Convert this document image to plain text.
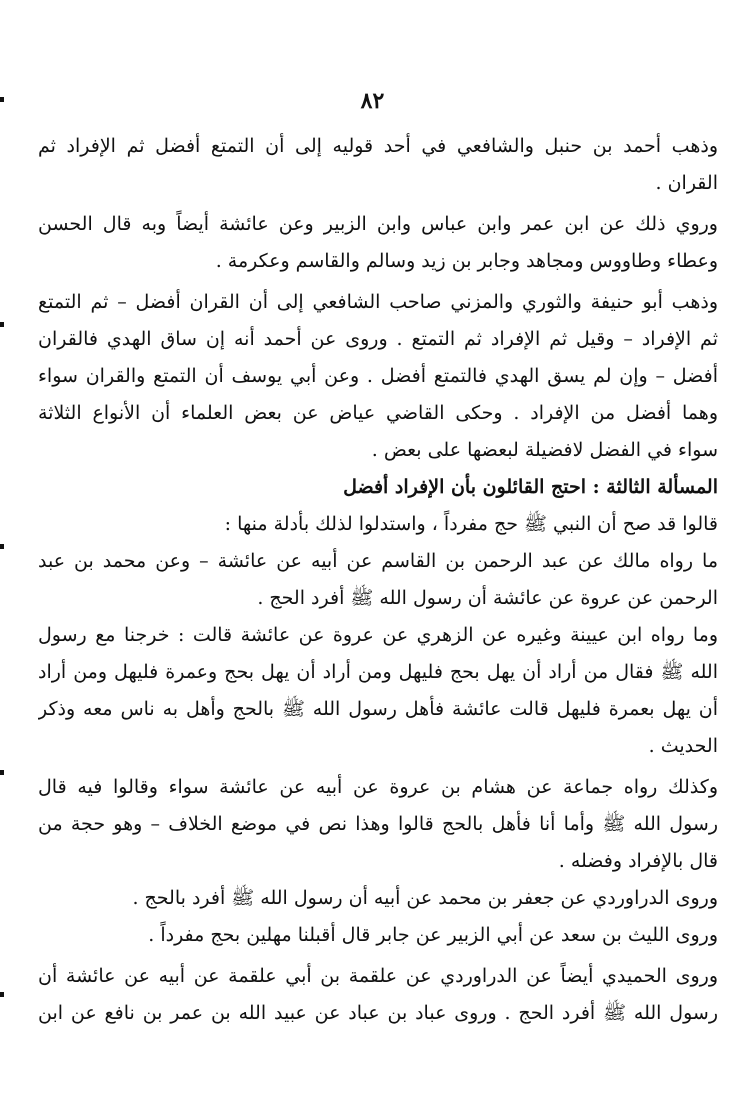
٨٢
وذهب أحمد بن حنبل والشافعي في أحد قوليه إلى أن التمتع أفضل ثم الإفراد ثم
القران .
وروي ذلك عن ابن عمر وابن عباس وابن الزبير وعن عائشة أيضاً وبه قال الحسن
وعطاء وطاووس ومجاهد وجابر بن زيد وسالم والقاسم وعكرمة .
وذهب أبو حنيفة والثوري والمزني صاحب الشافعي إلى أن القران أفضل – ثم التمتع
ثم الإفراد – وقيل ثم الإفراد ثم التمتع . وروى عن أحمد أنه إن ساق الهدي فالقران
أفضل – وإن لم يسق الهدي فالتمتع أفضل . وعن أبي يوسف أن التمتع والقران سواء
وهما أفضل من الإفراد . وحكى القاضي عياض عن بعض العلماء أن الأنواع الثلاثة
سواء في الفضل لافضيلة لبعضها على بعض .
المسألة الثالثة : احتج القائلون بأن الإفراد أفضل
قالوا قد صح أن النبي ﷺ حج مفرداً ، واستدلوا لذلك بأدلة منها :
ما رواه مالك عن عبد الرحمن بن القاسم عن أبيه عن عائشة – وعن محمد بن عبد
الرحمن عن عروة عن عائشة أن رسول الله ﷺ أفرد الحج .
وما رواه ابن عيينة وغيره عن الزهري عن عروة عن عائشة قالت : خرجنا مع رسول
الله ﷺ فقال من أراد أن يهل بحج فليهل ومن أراد أن يهل بحج وعمرة فليهل ومن أراد
أن يهل بعمرة فليهل قالت عائشة فأهل رسول الله ﷺ بالحج وأهل به ناس معه وذكر
الحديث .
وكذلك رواه جماعة عن هشام بن عروة عن أبيه عن عائشة سواء وقالوا فيه قال
رسول الله ﷺ وأما أنا فأهل بالحج قالوا وهذا نص في موضع الخلاف – وهو حجة من
قال بالإفراد وفضله .
وروى الدراوردي عن جعفر بن محمد عن أبيه أن رسول الله ﷺ أفرد بالحج .
وروى الليث بن سعد عن أبي الزبير عن جابر قال أقبلنا مهلين بحج مفرداً .
وروى الحميدي أيضاً عن الدراوردي عن علقمة بن أبي علقمة عن أبيه عن عائشة أن
رسول الله ﷺ أفرد الحج . وروى عباد بن عباد عن عبيد الله بن عمر بن نافع عن ابن
